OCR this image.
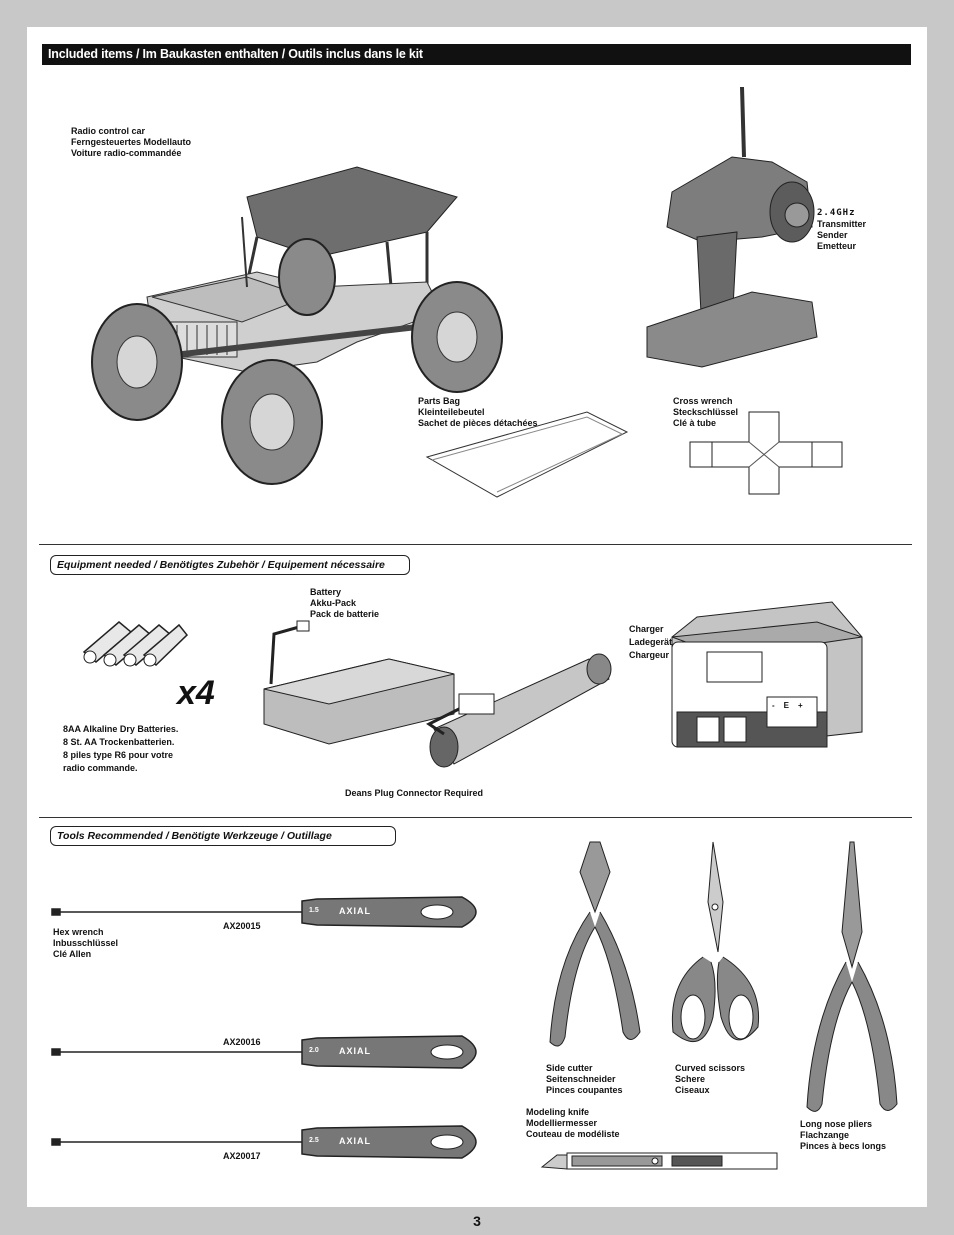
Included items / Im Baukasten enthalten / Outils inclus dans le kit
Radio control car
Ferngesteuertes Modellauto
Voiture radio-commandée
2.4GHz
Transmitter
Sender
Emetteur
Parts Bag
Kleinteilebeutel
Sachet de pièces détachées
Cross wrench
Steckschlüssel
Clé à tube
Equipment needed / Benötigtes Zubehör / Equipement nécessaire
x4
8AA Alkaline Dry Batteries.
8 St. AA Trockenbatterien.
8 piles type R6 pour votre
radio commande.
Battery
Akku-Pack
Pack de batterie
Deans Plug Connector Required
Charger
Ladegerät
Chargeur
- E +
Tools Recommended / Benötigte Werkzeuge / Outillage
1.5
2.0
2.5
AXIAL
AXIAL
AXIAL
Hex wrench
Inbusschlüssel
Clé Allen
AX20015
AX20016
AX20017
Side cutter
Seitenschneider
Pinces coupantes
Curved scissors
Schere
Ciseaux
Long nose pliers
Flachzange
Pinces à becs longs
Modeling knife
Modelliermesser
Couteau de modéliste
3
